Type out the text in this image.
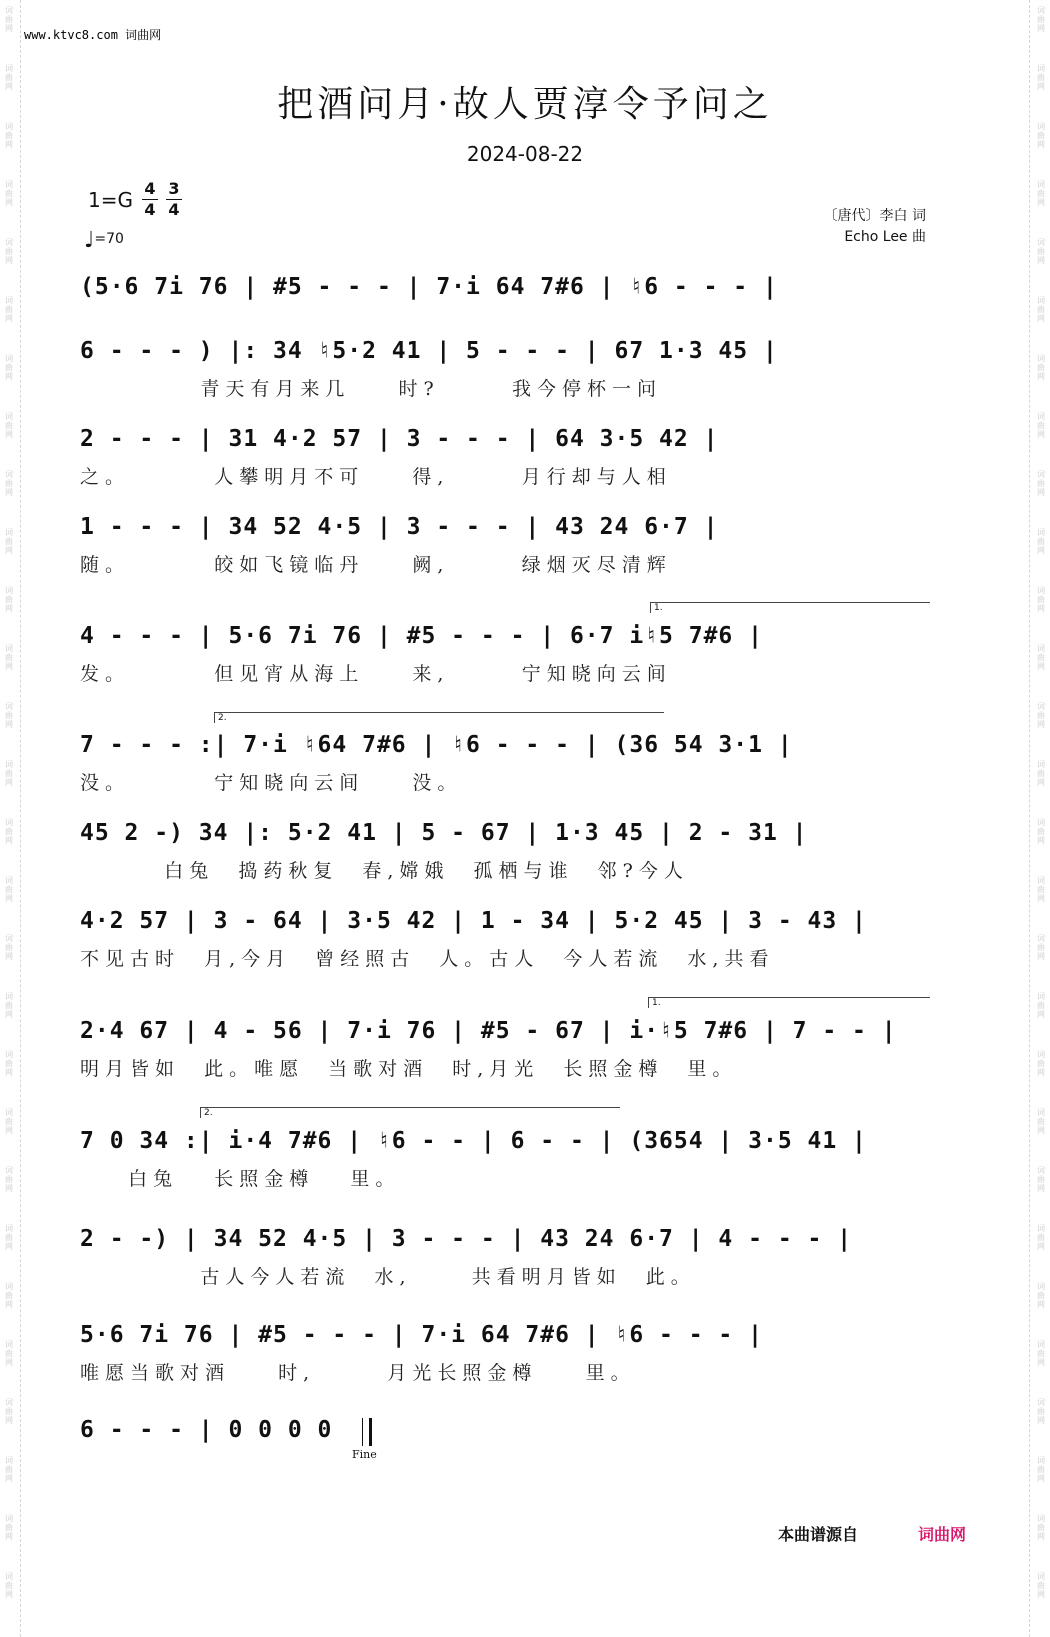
www.ktvc8.com 词曲网
把酒问月·故人贾淳令予问之
2024-08-22
1=G 4
4
3
4
♩=70
〔唐代〕李白 词
Echo Lee 曲
(5·6 7i 76 | #5 - - - | 7·i 64 7#6 | ♮6 - - - |
6 - - - ) |: 34 ♮5·2 41 | 5 - - - | 67 1·3 45 |
青天有月来几    时?      我今停杯一问
2 - - - | 31 4·2 57 | 3 - - - | 64 3·5 42 |
之。       人攀明月不可    得,      月行却与人相
1 - - - | 34 52 4·5 | 3 - - - | 43 24 6·7 |
随。       皎如飞镜临丹    阙,      绿烟灭尽清辉
4 - - - | 5·6 7i 76 | #5 - - - | 6·7 i♮5 7#6 |
发。       但见宵从海上    来,      宁知晓向云间
7 - - - :| 7·i ♮64 7#6 | ♮6 - - - | (36 54 3·1 |
没。       宁知晓向云间    没。
45 2 -) 34 |: 5·2 41 | 5 - 67 | 1·3 45 | 2 - 31 |
白兔  捣药秋复  春,嫦娥  孤栖与谁  邻?今人
4·2 57 | 3 - 64 | 3·5 42 | 1 - 34 | 5·2 45 | 3 - 43 |
不见古时  月,今月  曾经照古  人。古人  今人若流  水,共看
2·4 67 | 4 - 56 | 7·i 76 | #5 - 67 | i·♮5 7#6 | 7 - - |
明月皆如  此。唯愿  当歌对酒  时,月光  长照金樽  里。
7 0 34 :| i·4 7#6 | ♮6 - - | 6 - - | (3654 | 3·5 41 |
白兔   长照金樽   里。
2 - -) | 34 52 4·5 | 3 - - - | 43 24 6·7 | 4 - - - |
古人今人若流  水,     共看明月皆如  此。
5·6 7i 76 | #5 - - - | 7·i 64 7#6 | ♮6 - - - |
唯愿当歌对酒    时,      月光长照金樽    里。
6 - - - | 0 0 0 0
1.
2.
1.
2.
Fine
本曲谱源自	词曲网
词曲网
词曲网
词曲网
词曲网
词曲网
词曲网
词曲网
词曲网
词曲网
词曲网
词曲网
词曲网
词曲网
词曲网
词曲网
词曲网
词曲网
词曲网
词曲网
词曲网
词曲网
词曲网
词曲网
词曲网
词曲网
词曲网
词曲网
词曲网
词曲网
词曲网
词曲网
词曲网
词曲网
词曲网
词曲网
词曲网
词曲网
词曲网
词曲网
词曲网
词曲网
词曲网
词曲网
词曲网
词曲网
词曲网
词曲网
词曲网
词曲网
词曲网
词曲网
词曲网
词曲网
词曲网
词曲网
词曲网
